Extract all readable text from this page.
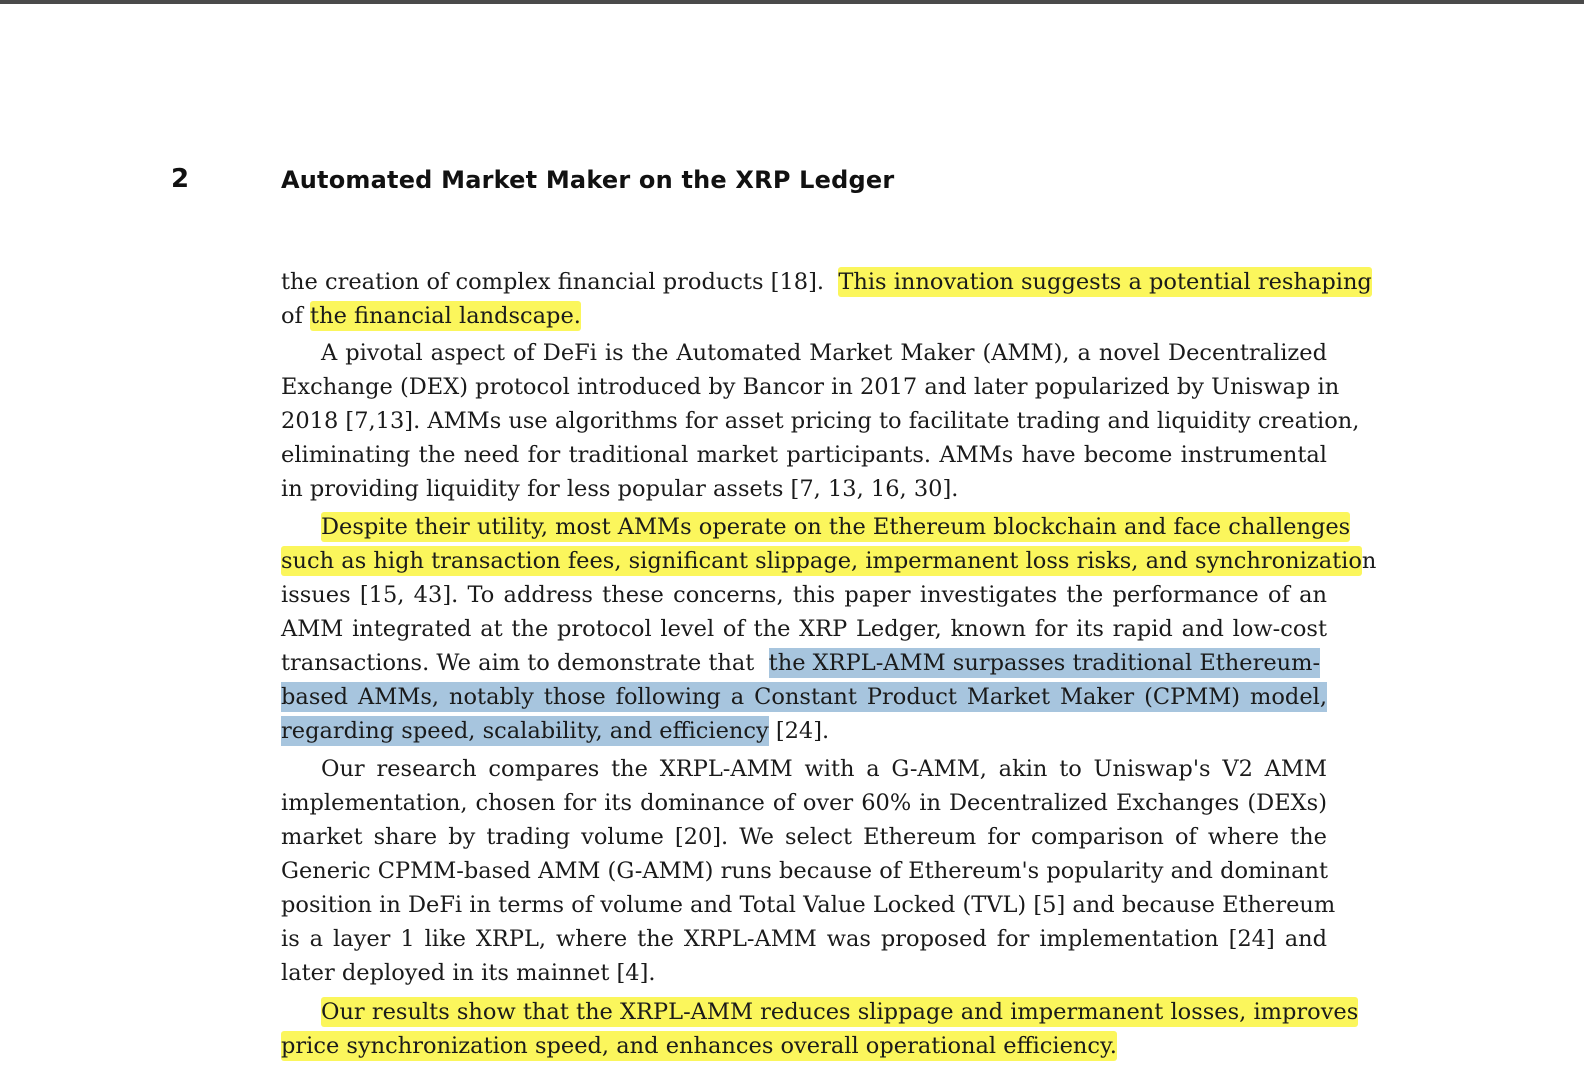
2	Automated Market Maker on the XRP Ledger
the creation of complex financial products [18]. This innovation suggests a potential reshaping
of the financial landscape.
A pivotal aspect of DeFi is the Automated Market Maker (AMM), a novel Decentralized
Exchange (DEX) protocol introduced by Bancor in 2017 and later popularized by Uniswap in
2018 [7,13]. AMMs use algorithms for asset pricing to facilitate trading and liquidity creation,
eliminating the need for traditional market participants. AMMs have become instrumental
in providing liquidity for less popular assets [7, 13, 16, 30].
Despite their utility, most AMMs operate on the Ethereum blockchain and face challenges
such as high transaction fees, significant slippage, impermanent loss risks, and synchronization
issues [15, 43]. To address these concerns, this paper investigates the performance of an
AMM integrated at the protocol level of the XRP Ledger, known for its rapid and low-cost
transactions. We aim to demonstrate that the XRPL-AMM surpasses traditional Ethereum-
based AMMs, notably those following a Constant Product Market Maker (CPMM) model,
regarding speed, scalability, and efficiency [24].
Our research compares the XRPL-AMM with a G-AMM, akin to Uniswap's V2 AMM
implementation, chosen for its dominance of over 60% in Decentralized Exchanges (DEXs)
market share by trading volume [20]. We select Ethereum for comparison of where the
Generic CPMM-based AMM (G-AMM) runs because of Ethereum's popularity and dominant
position in DeFi in terms of volume and Total Value Locked (TVL) [5] and because Ethereum
is a layer 1 like XRPL, where the XRPL-AMM was proposed for implementation [24] and
later deployed in its mainnet [4].
Our results show that the XRPL-AMM reduces slippage and impermanent losses, improves
price synchronization speed, and enhances overall operational efficiency.
